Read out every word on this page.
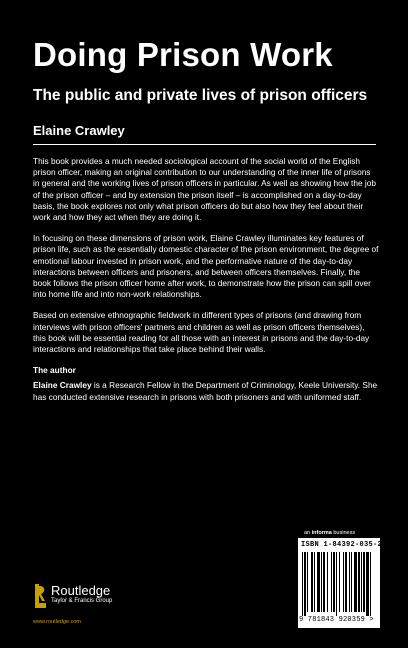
Doing Prison Work
The public and private lives of prison officers
Elaine Crawley

This book provides a much needed sociological account of the social world of the English prison officer, making an original contribution to our understanding of the inner life of prisons in general and the working lives of prison officers in particular. As well as showing how the job of the prison officer – and by extension the prison itself – is accomplished on a day-to-day basis, the book explores not only what prison officers do but also how they feel about their work and how they act when they are doing it.

In focusing on these dimensions of prison work, Elaine Crawley illuminates key features of prison life, such as the essentially domestic character of the prison environment, the degree of emotional labour invested in prison work, and the performative nature of the day-to-day interactions between officers and prisoners, and between officers themselves. Finally, the book follows the prison officer home after work, to demonstrate how the prison can spill over into home life and into non-work relationships.

Based on extensive ethnographic fieldwork in different types of prisons (and drawing from interviews with prison officers' partners and children as well as prison officers themselves), this book will be essential reading for all those with an interest in prisons and the day-to-day interactions and relationships that take place behind their walls.

The author

Elaine Crawley is a Research Fellow in the Department of Criminology, Keele University. She has conducted extensive research in prisons with both prisoners and with uniformed staff.

an informa business
ISBN 1-84392-035-2
9 781843 920359 >
Routledge
Taylor & Francis Group
www.routledge.com
